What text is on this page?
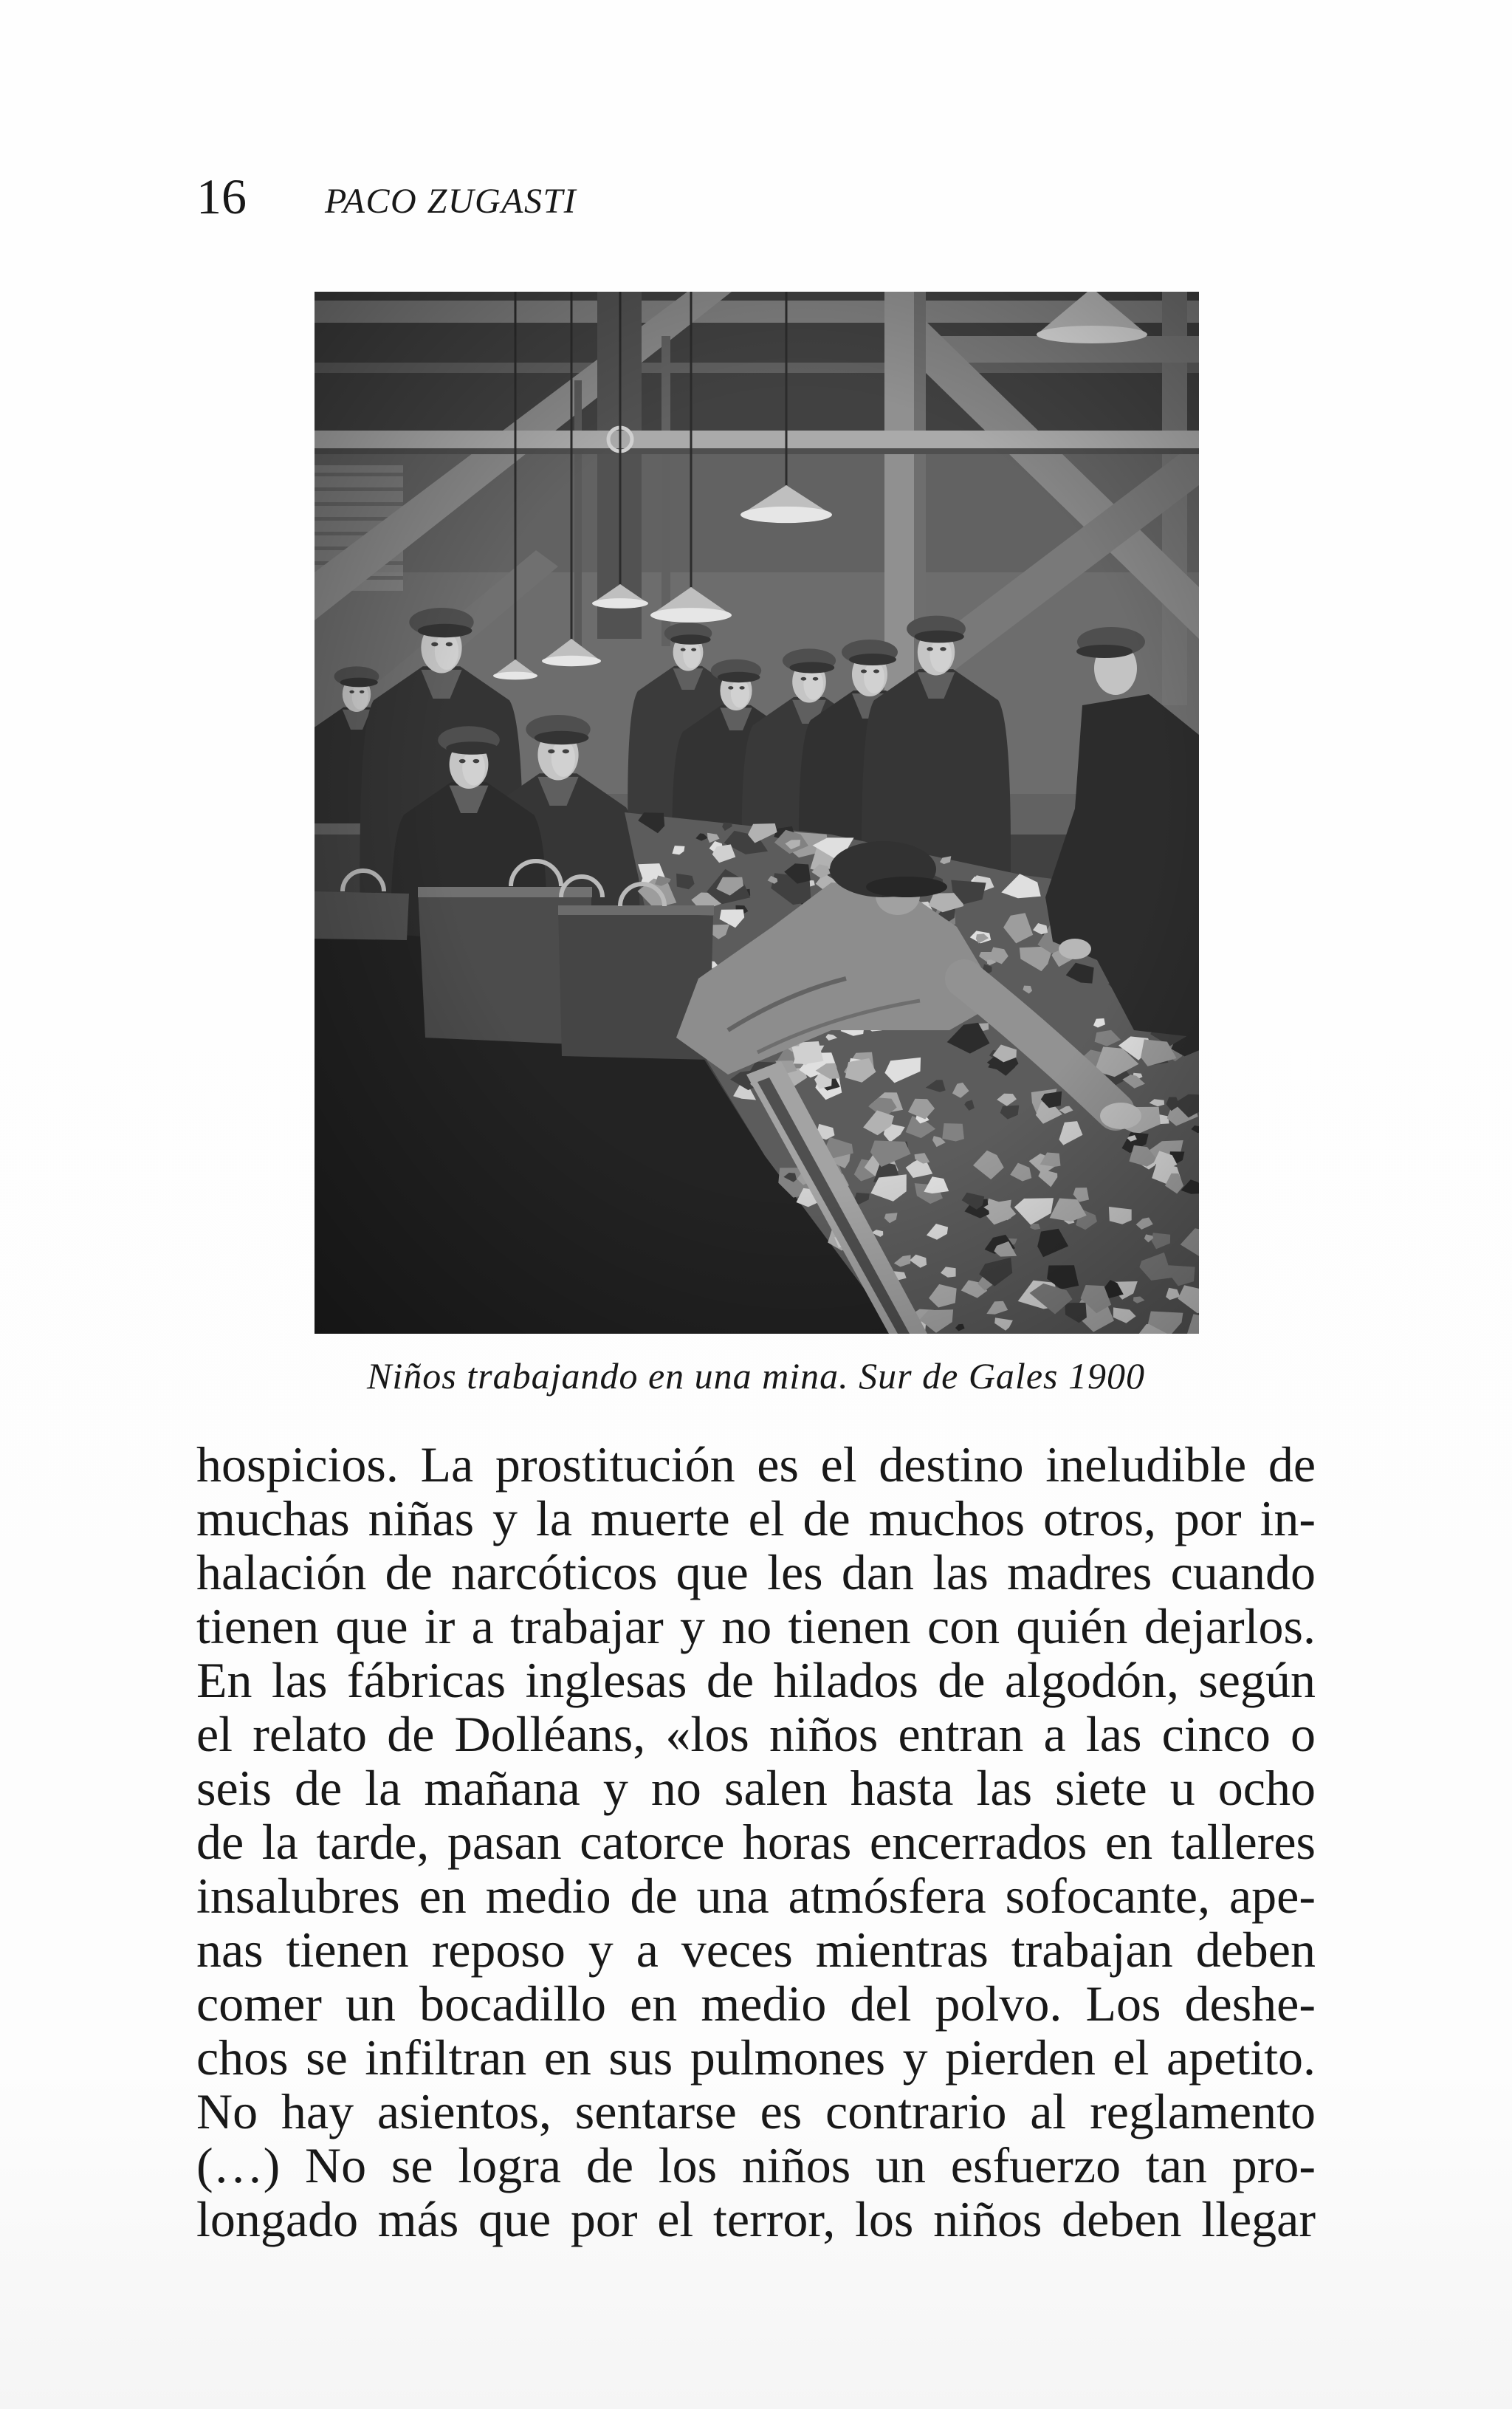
16 PACO ZUGASTI
Niños trabajando en una mina. Sur de Gales 1900
hospicios. La prostitución es el destino ineludible de
muchas niñas y la muerte el de muchos otros, por in-
halación de narcóticos que les dan las madres cuando
tienen que ir a trabajar y no tienen con quién dejarlos.
En las fábricas inglesas de hilados de algodón, según
el relato de Dolléans, «los niños entran a las cinco o
seis de la mañana y no salen hasta las siete u ocho
de la tarde, pasan catorce horas encerrados en talleres
insalubres en medio de una atmósfera sofocante, ape-
nas tienen reposo y a veces mientras trabajan deben
comer un bocadillo en medio del polvo. Los deshe-
chos se infiltran en sus pulmones y pierden el apetito.
No hay asientos, sentarse es contrario al reglamento
(…) No se logra de los niños un esfuerzo tan pro-
longado más que por el terror, los niños deben llegar
